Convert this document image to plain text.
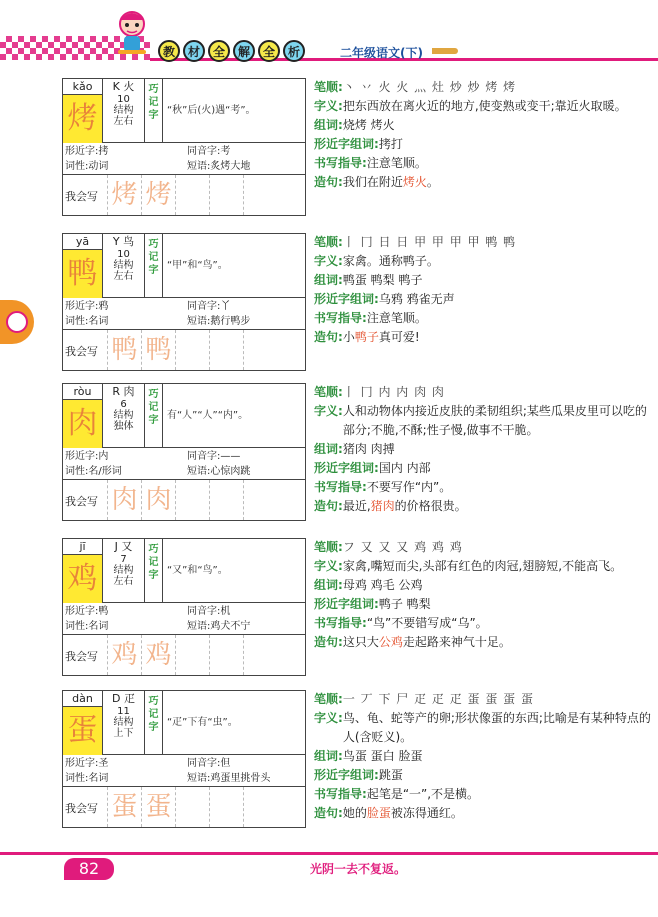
教	材	全	解	全	析	二年级语文(下)
kǎo
烤
K 火
10
结构
左右
巧
记
字 “秋”后(火)遇“考”。
形近字:拷	同音字:考
词性:动词	短语:炙烤大地
我会写 烤 烤
笔顺: 丶 丷 火 火 灬 灶 炒 炒 烤 烤
字义: 把东西放在离火近的地方,使变熟或变干;靠近火取暖。
组词: 烧烤 烤火
形近字组词: 拷打
书写指导: 注意笔顺。
造句: 我们在附近烤火。
yā
鸭
Y 鸟
10
结构
左右
巧
记
字 “甲”和“鸟”。
形近字:鸦	同音字:丫
词性:名词	短语:鹅行鸭步
我会写 鸭 鸭
笔顺: 丨 冂 日 日 甲 甲 甲 甲 鸭 鸭
字义: 家禽。通称鸭子。
组词: 鸭蛋 鸭梨 鸭子
形近字组词: 乌鸦 鸦雀无声
书写指导: 注意笔顺。
造句: 小鸭子真可爱!
ròu
肉
R 肉
6
结构
独体
巧
记
字 有“人”“人”“内”。
形近字:内	同音字:——
词性:名/形词	短语:心惊肉跳
我会写 肉 肉
笔顺: 丨 冂 内 内 肉 肉
字义: 人和动物体内接近皮肤的柔韧组织;某些瓜果皮里可以吃的部分;不脆,不酥;性子慢,做事不干脆。
组词: 猪肉 肉搏
形近字组词: 国内 内部
书写指导: 不要写作“内”。
造句: 最近,猪肉的价格很贵。
jī
鸡
J 又
7
结构
左右
巧
记
字 “又”和“鸟”。
形近字:鸭	同音字:机
词性:名词	短语:鸡犬不宁
我会写 鸡 鸡
笔顺: フ 又 又 又 鸡 鸡 鸡
字义: 家禽,嘴短而尖,头部有红色的肉冠,翅膀短,不能高飞。
组词: 母鸡 鸡毛 公鸡
形近字组词: 鸭子 鸭梨
书写指导: “鸟”不要错写成“乌”。
造句: 这只大公鸡走起路来神气十足。
dàn
蛋
D 疋
11
结构
上下
巧
记
字 “疋”下有“虫”。
形近字:圣	同音字:但
词性:名词	短语:鸡蛋里挑骨头
我会写 蛋 蛋
笔顺: 一 丆 下 尸 疋 疋 疋 蛋 蛋 蛋 蛋
字义: 鸟、龟、蛇等产的卵;形状像蛋的东西;比喻是有某种特点的人(含贬义)。
组词: 鸟蛋 蛋白 脸蛋
形近字组词: 跳蛋
书写指导: 起笔是“一”,不是横。
造句: 她的脸蛋被冻得通红。
82	光阴一去不复返。
